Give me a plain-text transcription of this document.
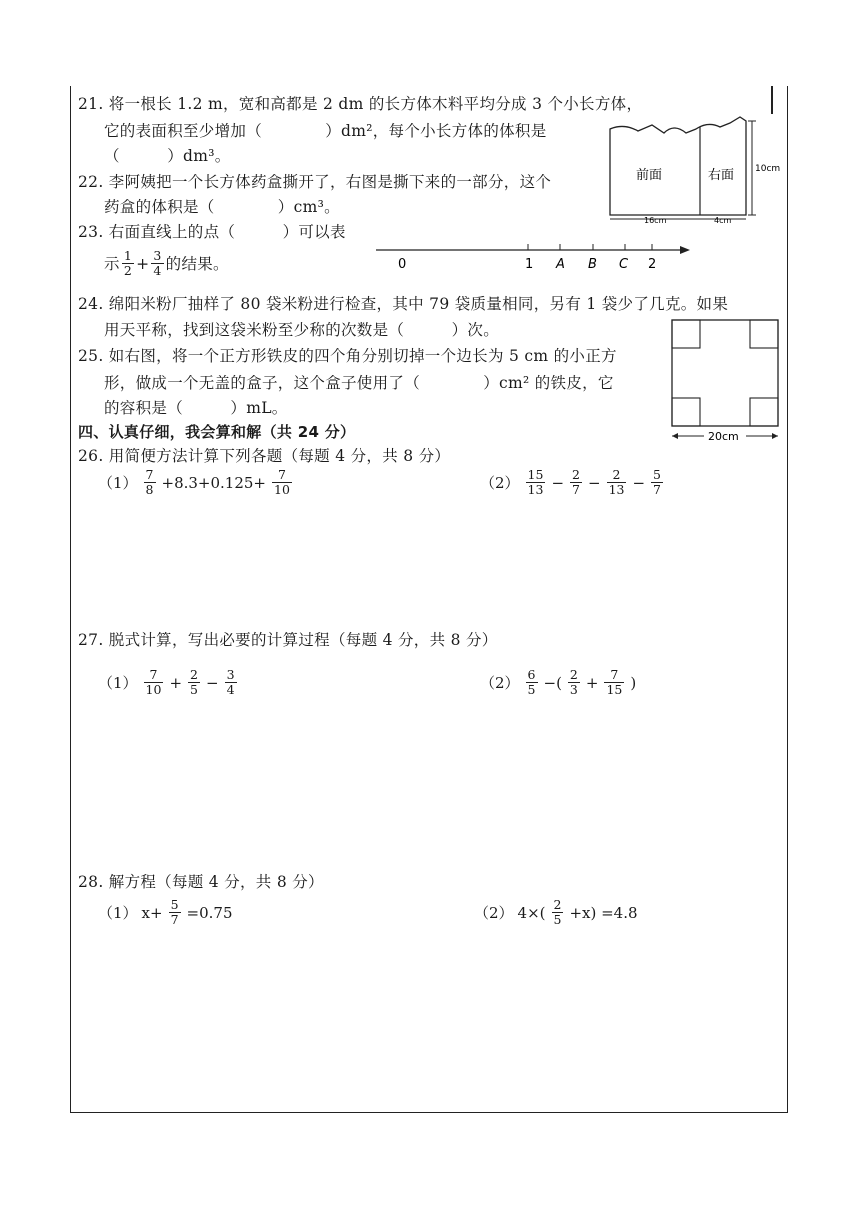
21. 将一根长 1.2 m，宽和高都是 2 dm 的长方体木料平均分成 3 个小长方体，
它的表面积至少增加（　　　　）dm²，每个小长方体的体积是
（　　　）dm³。
22. 李阿姨把一个长方体药盒撕开了，右图是撕下来的一部分，这个
药盒的体积是（　　　　）cm³。
前面	右面 10cm
16cm	4cm
23. 右面直线上的点（　　　）可以表
示 $\frac{1}{2} + \frac{3}{4}$ 的结果。	0	1 A B C 2
24. 绵阳米粉厂抽样了 80 袋米粉进行检查，其中 79 袋质量相同，另有 1 袋少了几克。如果
用天平称，找到这袋米粉至少称的次数是（　　　）次。
25. 如右图，将一个正方形铁皮的四个角分别切掉一个边长为 5 cm 的小正方
形，做成一个无盖的盒子，这个盒子使用了（　　　　）cm² 的铁皮，它
的容积是（　　　）mL。
20cm
四、认真仔细，我会算和解（共 24 分）
26. 用简便方法计算下列各题（每题 4 分，共 8 分）
$(1) \frac{7}{8} +8.3+0.125+ \frac{7}{10}$	$(2) \frac{15}{13} - \frac{2}{7} - \frac{2}{13} - \frac{5}{7}$
27. 脱式计算，写出必要的计算过程（每题 4 分，共 8 分）
$(1) \frac{7}{10} + \frac{2}{5} - \frac{3}{4}$	$(2) \frac{6}{5}$ −( $\frac{2}{3} + \frac{7}{15}$ )
28. 解方程（每题 4 分，共 8 分）
（1） $x+ \frac{5}{7} =0.75$	（2） $4\times( \frac{2}{5} +x) =4.8$
